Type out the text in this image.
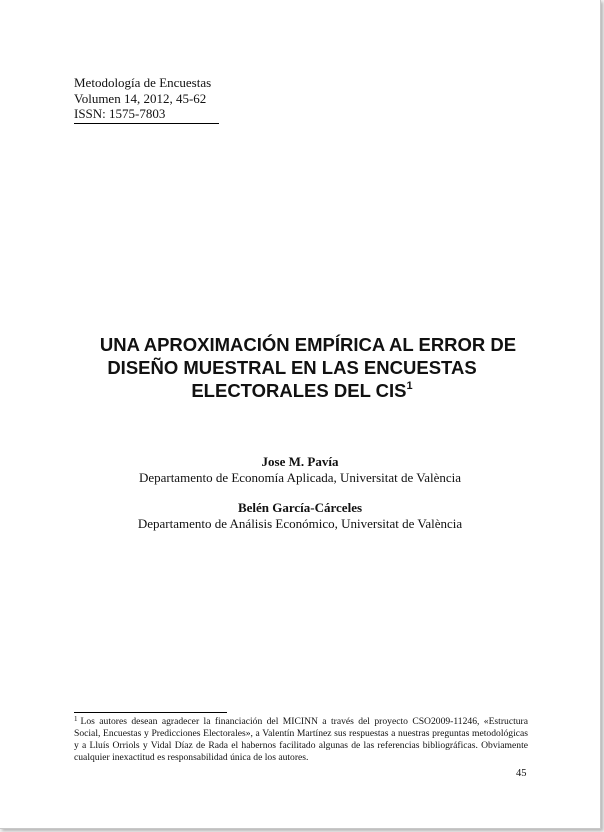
Metodología de Encuestas
Volumen 14, 2012, 45-62
ISSN: 1575-7803
UNA APROXIMACIÓN EMPÍRICA AL ERROR DE
DISEÑO MUESTRAL EN LAS ENCUESTAS
ELECTORALES DEL CIS$^1$
Jose M. Pavía
Departamento de Economía Aplicada, Universitat de València
Belén García-Cárceles
Departamento de Análisis Económico, Universitat de València
$^1$ Los autores desean agradecer la financiación del MICINN a través del proyecto CSO2009-11246, «Estructura Social, Encuestas y Predicciones Electorales», a Valentín Martínez sus respuestas a nuestras preguntas metodológicas y a Lluís Orriols y Vidal Díaz de Rada el habernos facilitado algunas de las referencias bibliográficas. Obviamente cualquier inexactitud es responsabilidad única de los autores.
45
